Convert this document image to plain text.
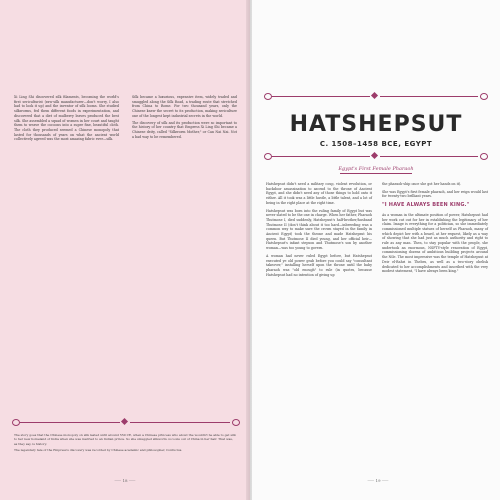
Xi Ling Shi discovered silk filaments, becoming the world's first sericulturist (raw-silk manufacturer—don't worry, I also had to look it up) and the inventor of silk looms. She studied silkworms, fed them different foods in experimentation, and discovered that a diet of mulberry leaves produced the best silk. She assembled a squad of women in her court and taught them to weave the cocoons into a super fine, beautiful cloth. The cloth they produced seemed a Chinese monopoly that lasted for thousands of years on what the ancient world collectively agreed was the most amazing fabric ever—silk.

Silk became a luxurious, expensive item, widely traded and smuggled along the Silk Road, a trading route that stretched from China to Rome. For two thousand years, only the Chinese knew the secret to its production, making sericulture one of the longest kept industrial secrets in the world.

The discovery of silk and its production were so important to the history of her country that Empress Xi Ling Shi became a Chinese deity, called "Silkworm Mother," or Can Nai Nai. Not a bad way to be remembered.

The story goes that the Chinese monopoly on silk lasted until around 550 CE, when a Chinese princess who about the wouldn't be able to get silk to her new homeland of India when she was married to an Indian prince. So she smuggled silkworm cocoons out of China in her hair. That was, as they say, is history.

The legendary tale of the Empress's discovery was recorded by Chinese academic and philosopher, Confucius.

⸺ 18 ⸺
HATSHEPSUT
C. 1508–1458 BCE, EGYPT
Egypt's First Female Pharaoh

Hatshepsut didn't need a military coup, violent revolution, or backdoor assassination to ascend to the throne of Ancient Egypt, and she didn't need any of those things to hold onto it either. All it took was a little hustle, a little talent, and a lot of being in the right place at the right time.

Hatshepsut was born into the ruling family of Egypt but was never slated to be the one in charge. When her father, Pharaoh Thutmose I, died suddenly, Hatshepsut's half-brother/husband Thutmose II (don't think about it too hard—inbreeding was a common way to make sure the crown stayed in the family in Ancient Egypt) took the throne and made Hatshepsut his queen. But Thutmose II died young, and her official heir—Hatshepsut's infant stepson and Thutmose's son by another woman—was too young to govern.

A woman had never ruled Egypt before, but Hatshepsut executed ye old power grab before you could say "consultant takeover," installing herself upon the throne until the baby pharaoh was "old enough" to rule (in quotes, because Hatshepsut had no intention of giving up

the pharaoh-ship once she got her hands on it).

She was Egypt's first female pharaoh, and her reign would last for twenty-two brilliant years.

"I HAVE ALWAYS BEEN KING."

As a woman in the ultimate position of power, Hatshepsut had her work cut out for her in establishing the legitimacy of her claim. Image is everything for a politician, so she immediately commissioned multiple statues of herself as Pharaoh, many of which depict her with a beard, at her request, likely as a way of showing that she had just as much authority and right to rule as any man. Then, to stay popular with the people, she undertook an enormous, NSFTV-style renovation of Egypt, commissioning dozens of ambitious building projects around the Nile. The most impressive was the temple of Hatshepsut at Deir el-Bahri in Thebes, as well as a two-story obelisk dedicated to her accomplishments and inscribed with the very modest statement, "I have always been king."

⸺ 19 ⸺
